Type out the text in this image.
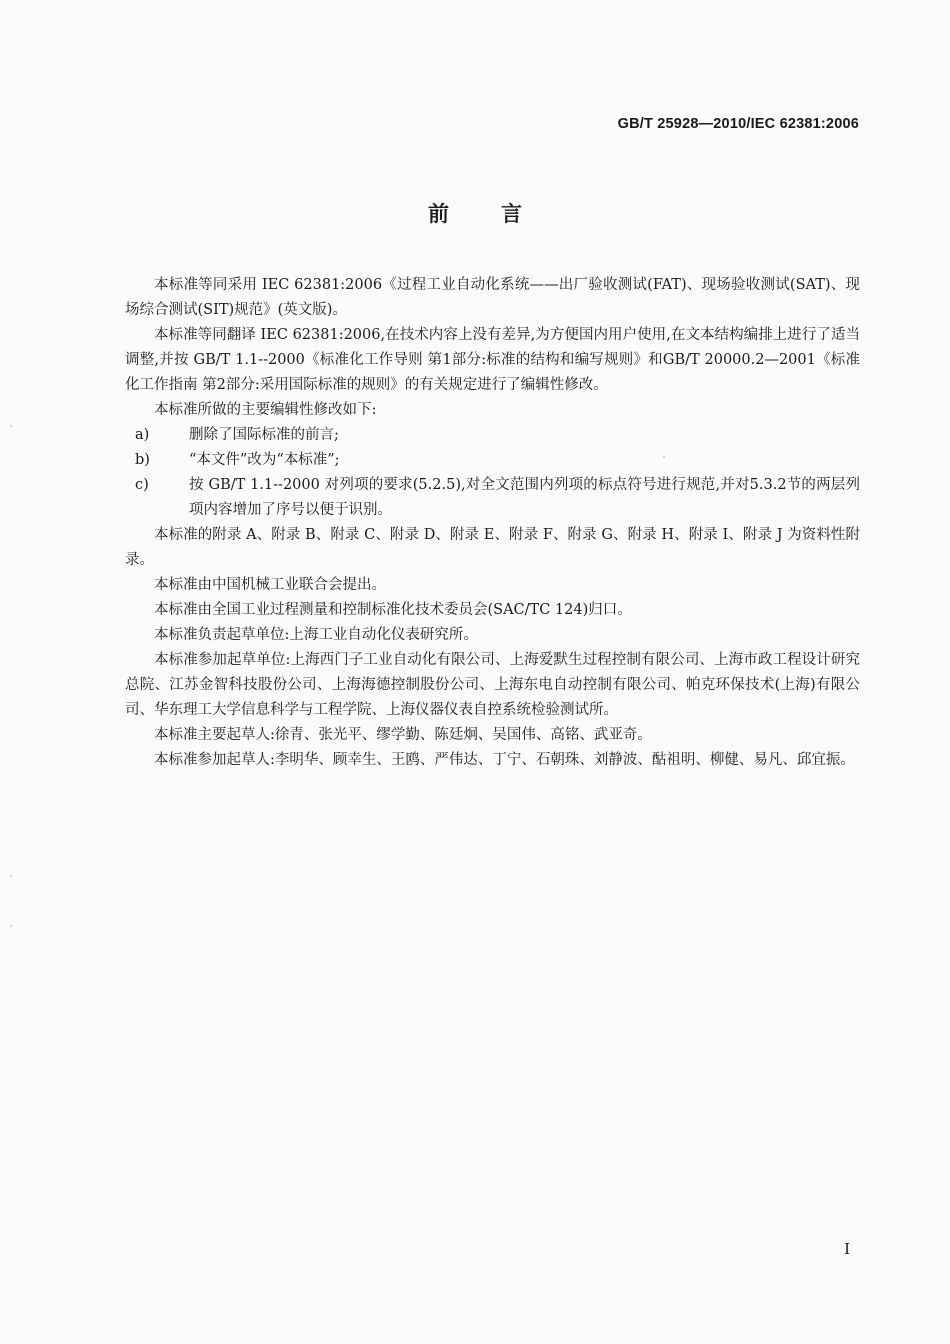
GB/T 25928—2010/IEC 62381:2006
前言

本标准等同采用 IEC 62381:2006《过程工业自动化系统——出厂验收测试(FAT)、现场验收测试(SAT)、现场综合测试(SIT)规范》(英文版)。

本标准等同翻译 IEC 62381:2006,在技术内容上没有差异,为方便国内用户使用,在文本结构编排上进行了适当调整,并按 GB/T 1.1--2000《标准化工作导则 第1部分:标准的结构和编写规则》和GB/T 20000.2—2001《标准化工作指南 第2部分:采用国际标准的规则》的有关规定进行了编辑性修改。

本标准所做的主要编辑性修改如下:

a)	删除了国际标准的前言;
b)	“本文件”改为“本标准”;
c)	按 GB/T 1.1--2000 对列项的要求(5.2.5),对全文范围内列项的标点符号进行规范,并对5.3.2节的两层列项内容增加了序号以便于识别。

本标准的附录 A、附录 B、附录 C、附录 D、附录 E、附录 F、附录 G、附录 H、附录 I、附录 J 为资料性附录。

本标准由中国机械工业联合会提出。

本标准由全国工业过程测量和控制标准化技术委员会(SAC/TC 124)归口。

本标准负责起草单位:上海工业自动化仪表研究所。

本标准参加起草单位:上海西门子工业自动化有限公司、上海爱默生过程控制有限公司、上海市政工程设计研究总院、江苏金智科技股份公司、上海海德控制股份公司、上海东电自动控制有限公司、帕克环保技术(上海)有限公司、华东理工大学信息科学与工程学院、上海仪器仪表自控系统检验测试所。

本标准主要起草人:徐青、张光平、缪学勤、陈廷炯、吴国伟、高铭、武亚奇。

本标准参加起草人:李明华、顾幸生、王鸥、严伟达、丁宁、石朝珠、刘静波、酤祖明、柳健、易凡、邱宜振。

I
